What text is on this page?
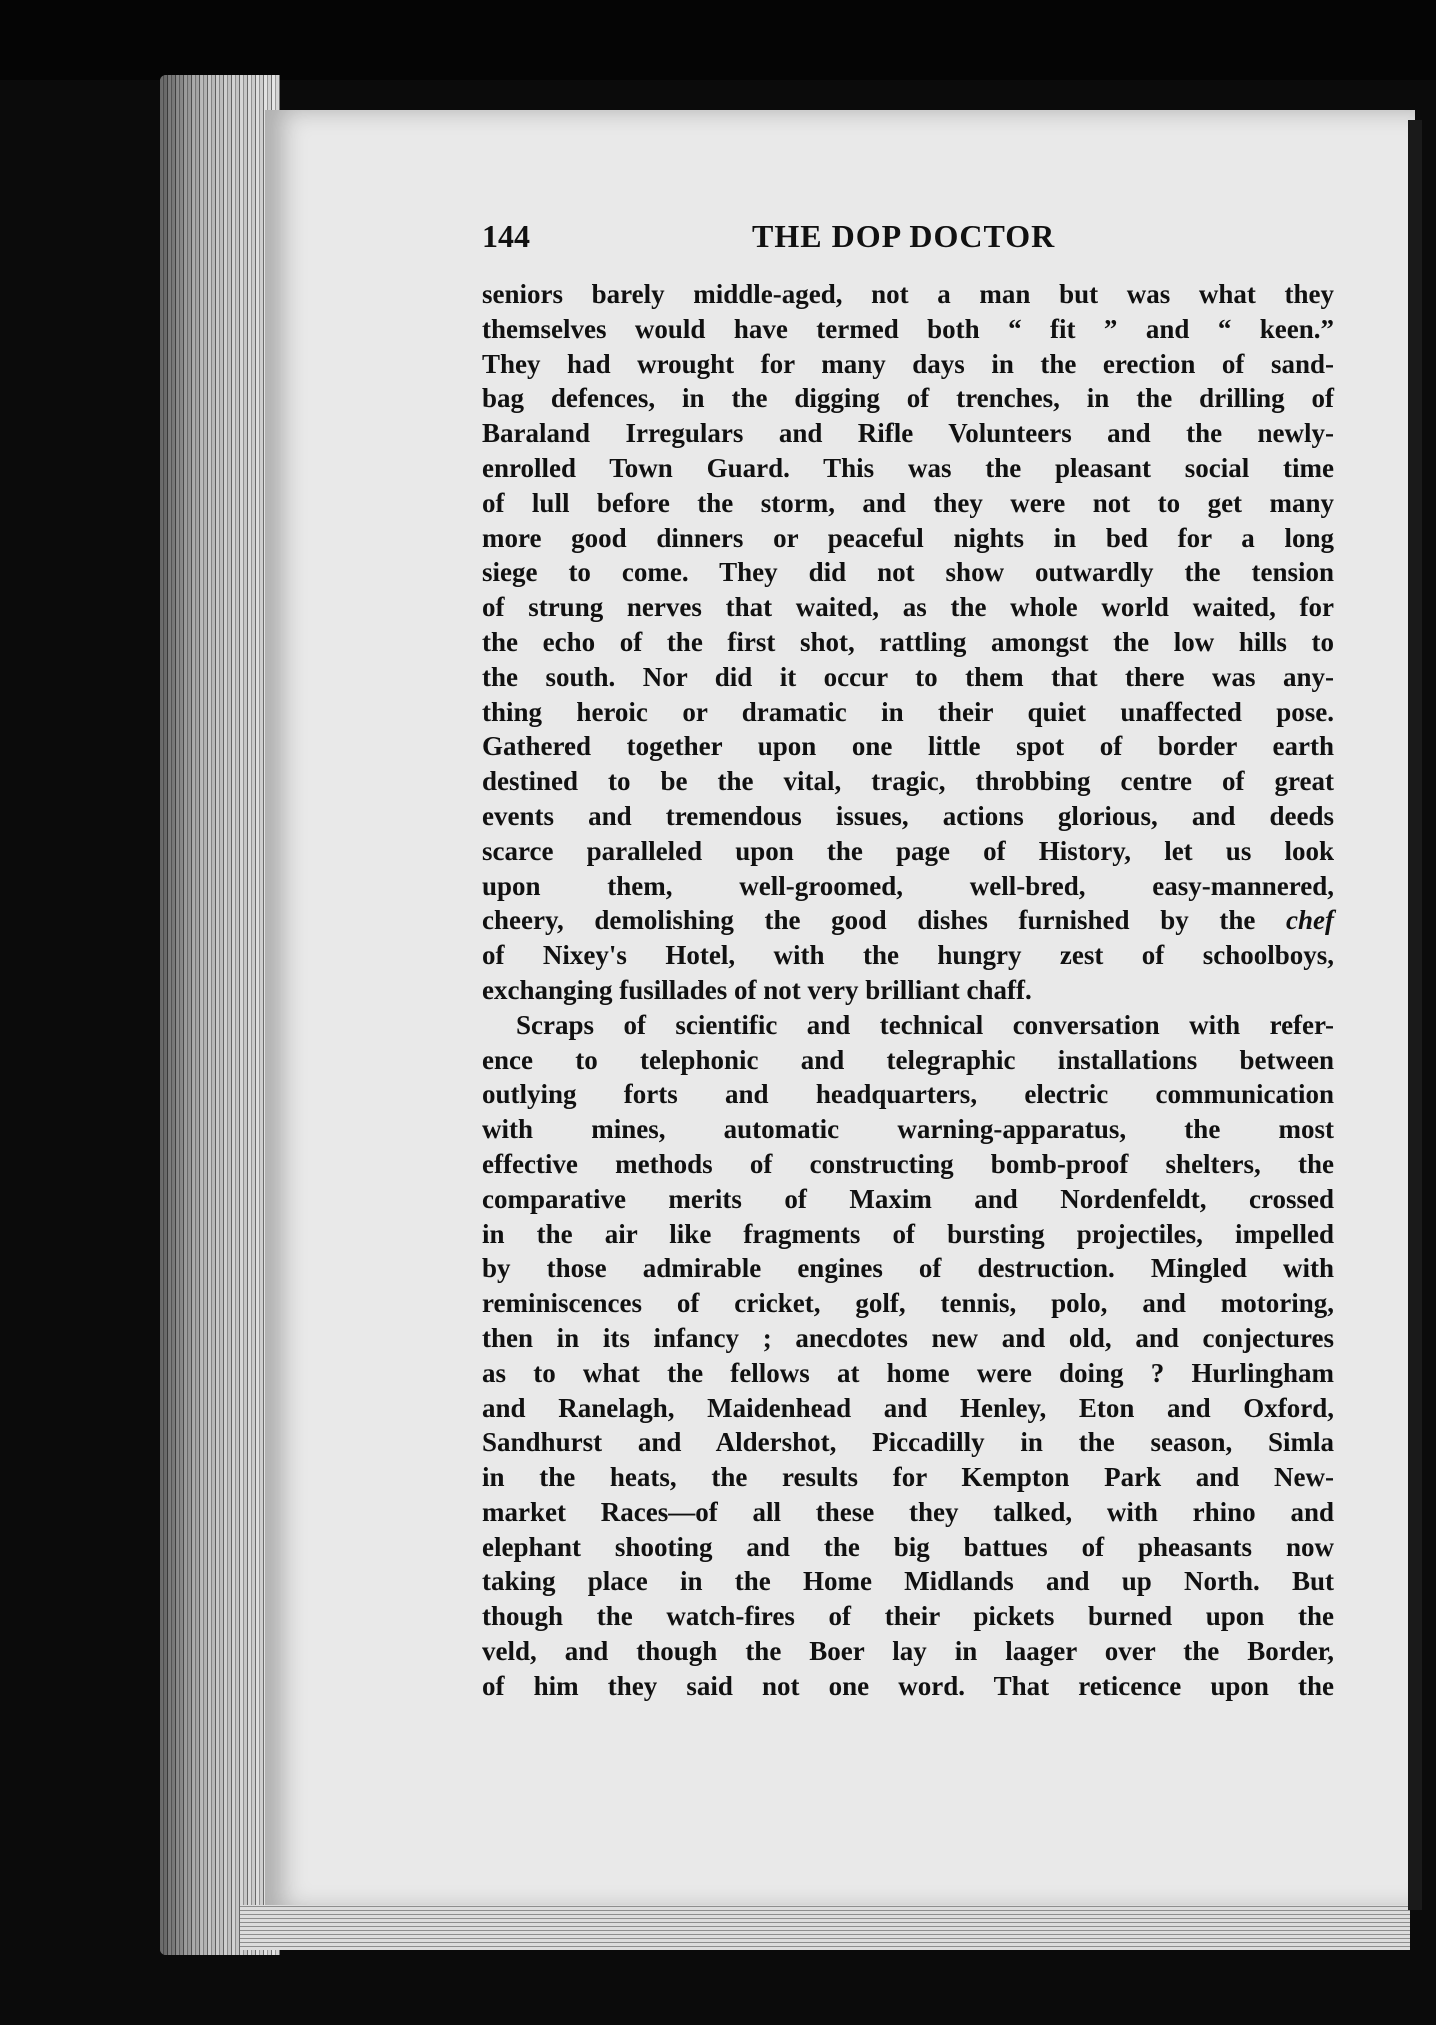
144	THE DOP DOCTOR
seniors barely middle-aged, not a man but was what they
themselves would have termed both “ fit ” and “ keen.”
They had wrought for many days in the erection of sand-
bag defences, in the digging of trenches, in the drilling of
Baraland Irregulars and Rifle Volunteers and the newly-
enrolled Town Guard. This was the pleasant social time
of lull before the storm, and they were not to get many
more good dinners or peaceful nights in bed for a long
siege to come. They did not show outwardly the tension
of strung nerves that waited, as the whole world waited, for
the echo of the first shot, rattling amongst the low hills to
the south. Nor did it occur to them that there was any-
thing heroic or dramatic in their quiet unaffected pose.
Gathered together upon one little spot of border earth
destined to be the vital, tragic, throbbing centre of great
events and tremendous issues, actions glorious, and deeds
scarce paralleled upon the page of History, let us look
upon them, well-groomed, well-bred, easy-mannered,
cheery, demolishing the good dishes furnished by the chef
of Nixey's Hotel, with the hungry zest of schoolboys,
exchanging fusillades of not very brilliant chaff.
Scraps of scientific and technical conversation with refer-
ence to telephonic and telegraphic installations between
outlying forts and headquarters, electric communication
with mines, automatic warning-apparatus, the most
effective methods of constructing bomb-proof shelters, the
comparative merits of Maxim and Nordenfeldt, crossed
in the air like fragments of bursting projectiles, impelled
by those admirable engines of destruction. Mingled with
reminiscences of cricket, golf, tennis, polo, and motoring,
then in its infancy ; anecdotes new and old, and conjectures
as to what the fellows at home were doing ? Hurlingham
and Ranelagh, Maidenhead and Henley, Eton and Oxford,
Sandhurst and Aldershot, Piccadilly in the season, Simla
in the heats, the results for Kempton Park and New-
market Races—of all these they talked, with rhino and
elephant shooting and the big battues of pheasants now
taking place in the Home Midlands and up North. But
though the watch-fires of their pickets burned upon the
veld, and though the Boer lay in laager over the Border,
of him they said not one word. That reticence upon the
